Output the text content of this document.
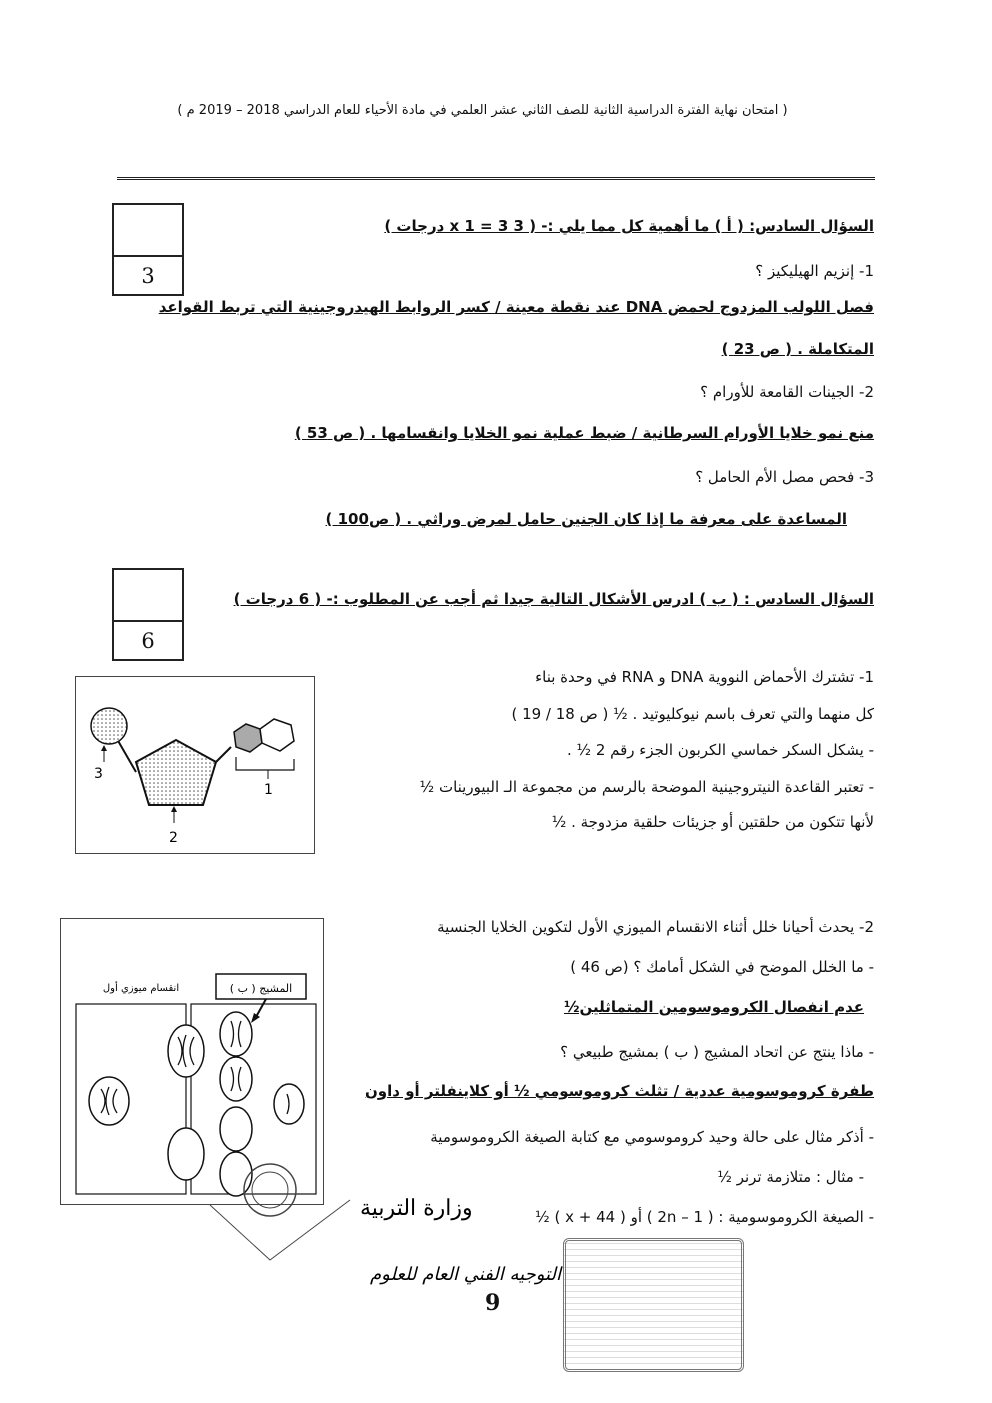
( امتحان نهاية الفترة الدراسية الثانية للصف الثاني عشر العلمي في مادة الأحياء للعام الدراسي 2018 – 2019 م )
3
السؤال السادس: ( أ ) ما أهمية كل مما يلي :- ( 3 x 1 = 3 درجات )
1- إنزيم الهيليكيز ؟
فصل اللولب المزدوج لحمض DNA عند نقطة معينة / كسر الروابط الهيدروجينية التي تربط القواعد
المتكاملة . ( ص 23 )
2- الجينات القامعة للأورام ؟
منع نمو خلايا الأورام السرطانية / ضبط عملية نمو الخلايا وانقسامها . ( ص 53 )
3- فحص مصل الأم الحامل ؟
المساعدة على معرفة ما إذا كان الجنين حامل لمرض وراثي . ( ص100 )
6
السؤال السادس : ( ب ) ادرس الأشكال التالية جيدا ثم أجب عن المطلوب :- ( 6 درجات )
1
2
3
1- تشترك الأحماض النووية DNA و RNA في وحدة بناء
كل منهما والتي تعرف باسم نيوكليوتيد . ½ ( ص 18 / 19 )
- يشكل السكر خماسي الكربون الجزء رقم 2 ½ .
- تعتبر القاعدة النيتروجينية الموضحة بالرسم من مجموعة الـ البيورينات ½
لأنها تتكون من حلقتين أو جزيئات حلقية مزدوجة . ½
المشيج ( ب )
انقسام ميوزي أول
2- يحدث أحيانا خلل أثناء الانقسام الميوزي الأول لتكوين الخلايا الجنسية
- ما الخلل الموضح في الشكل أمامك ؟ (ص 46 )
عدم انفصال الكروموسومين المتماثلين½
- ماذا ينتج عن اتحاد المشيج ( ب ) بمشيج طبيعي ؟
طفرة كروموسومية عددية / تثلث كروموسومي ½ أو كلاينفلتر أو داون
- أذكر مثال على حالة وحيد كروموسومي مع كتابة الصيغة الكروموسومية
- مثال : متلازمة ترنر ½
- الصيغة الكروموسومية : ( 2n – 1 ) أو ( 44 + x ) ½
وزارة التربية
التوجيه الفني العام للعلوم
9
